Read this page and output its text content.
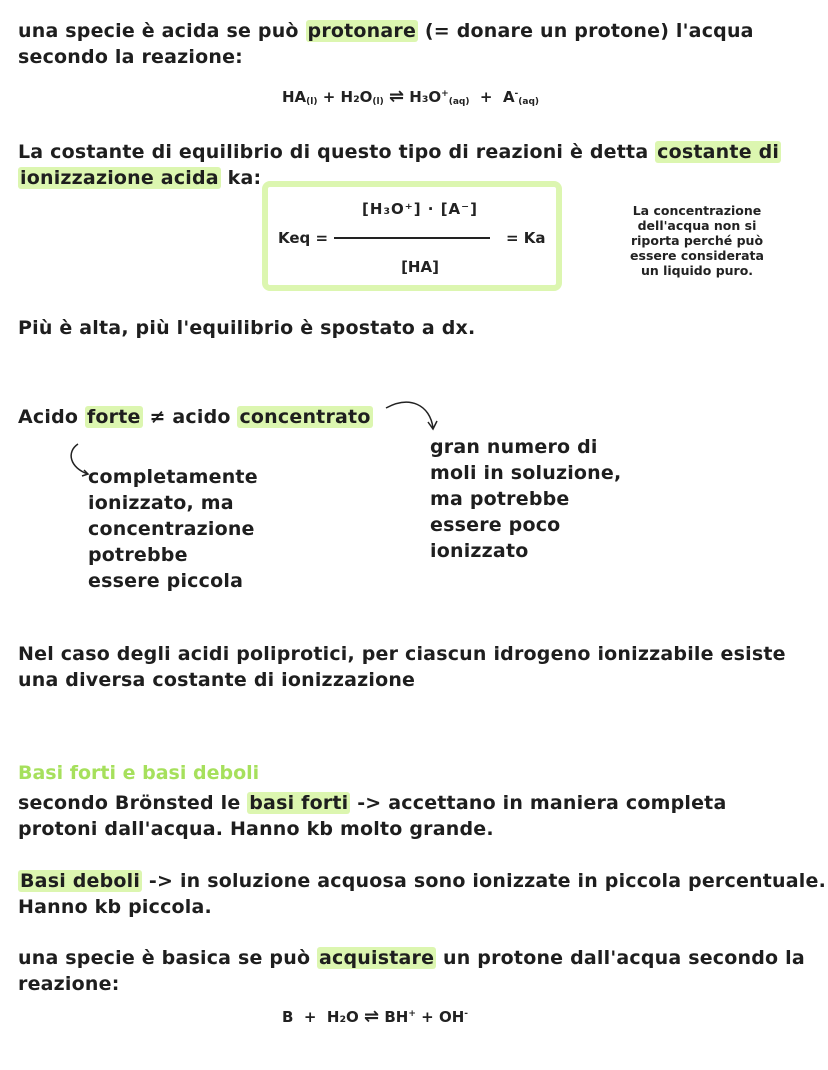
una specie è acida se può protonare (= donare un protone) l'acqua
secondo la reazione:
$HA_{(l)} + H_2O_{(l)}$ ⇌ $H_3O^+_{(aq)} + A^-_{(aq)}$
La costante di equilibrio di questo tipo di reazioni è detta costante di
ionizzazione acida ka:
Keq =
[H₃O⁺] · [A⁻]
[HA]
= Ka
La concentrazione
dell'acqua non si
riporta perché può
essere considerata
un liquido puro.
Più è alta, più l'equilibrio è spostato a dx.
Acido forte ≠ acido concentrato
completamente
ionizzato, ma
concentrazione
potrebbe
essere piccola
gran numero di
moli in soluzione,
ma potrebbe
essere poco
ionizzato
Nel caso degli acidi poliprotici, per ciascun idrogeno ionizzabile esiste
una diversa costante di ionizzazione
Basi forti e basi deboli
secondo Brönsted le basi forti -> accettano in maniera completa
protoni dall'acqua. Hanno kb molto grande.
Basi deboli -> in soluzione acquosa sono ionizzate in piccola percentuale.
Hanno kb piccola.
una specie è basica se può acquistare un protone dall'acqua secondo la
reazione:
B + H₂O ⇌ BH+ + OH-
